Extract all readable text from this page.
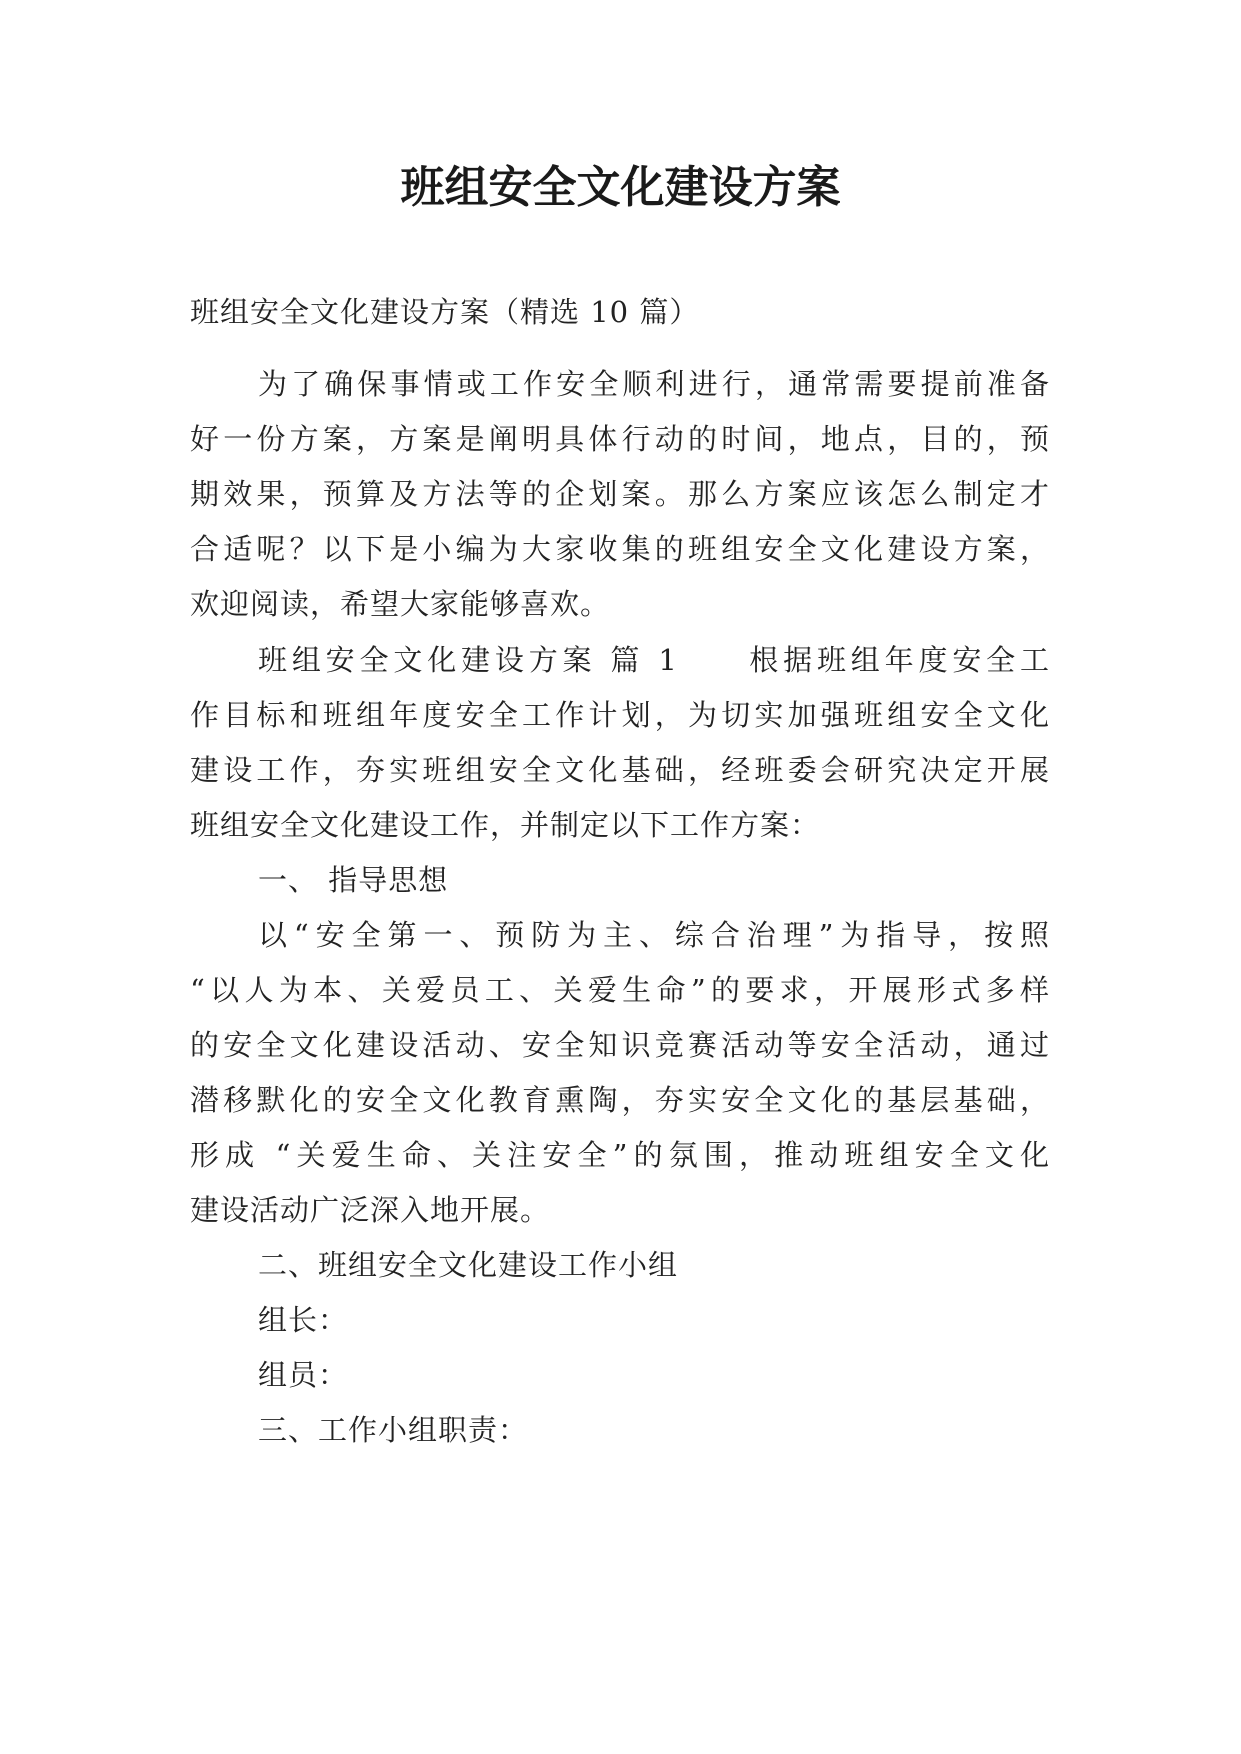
班组安全文化建设方案

班组安全文化建设方案（精选 10 篇）

为了确保事情或工作安全顺利进行，通常需要提前准备

好一份方案，方案是阐明具体行动的时间，地点，目的，预

期效果，预算及方法等的企划案。那么方案应该怎么制定才

合适呢？以下是小编为大家收集的班组安全文化建设方案，

欢迎阅读，希望大家能够喜欢。

班组安全文化建设方案 篇 1　　根据班组年度安全工

作目标和班组年度安全工作计划，为切实加强班组安全文化

建设工作，夯实班组安全文化基础，经班委会研究决定开展

班组安全文化建设工作，并制定以下工作方案：

一、 指导思想

以“安全第一、预防为主、综合治理”为指导，按照

“以人为本、关爱员工、关爱生命”的要求，开展形式多样

的安全文化建设活动、安全知识竞赛活动等安全活动，通过

潜移默化的安全文化教育熏陶，夯实安全文化的基层基础，

形成 “关爱生命、关注安全”的氛围，推动班组安全文化

建设活动广泛深入地开展。

二、班组安全文化建设工作小组

组长：

组员：

三、工作小组职责：
